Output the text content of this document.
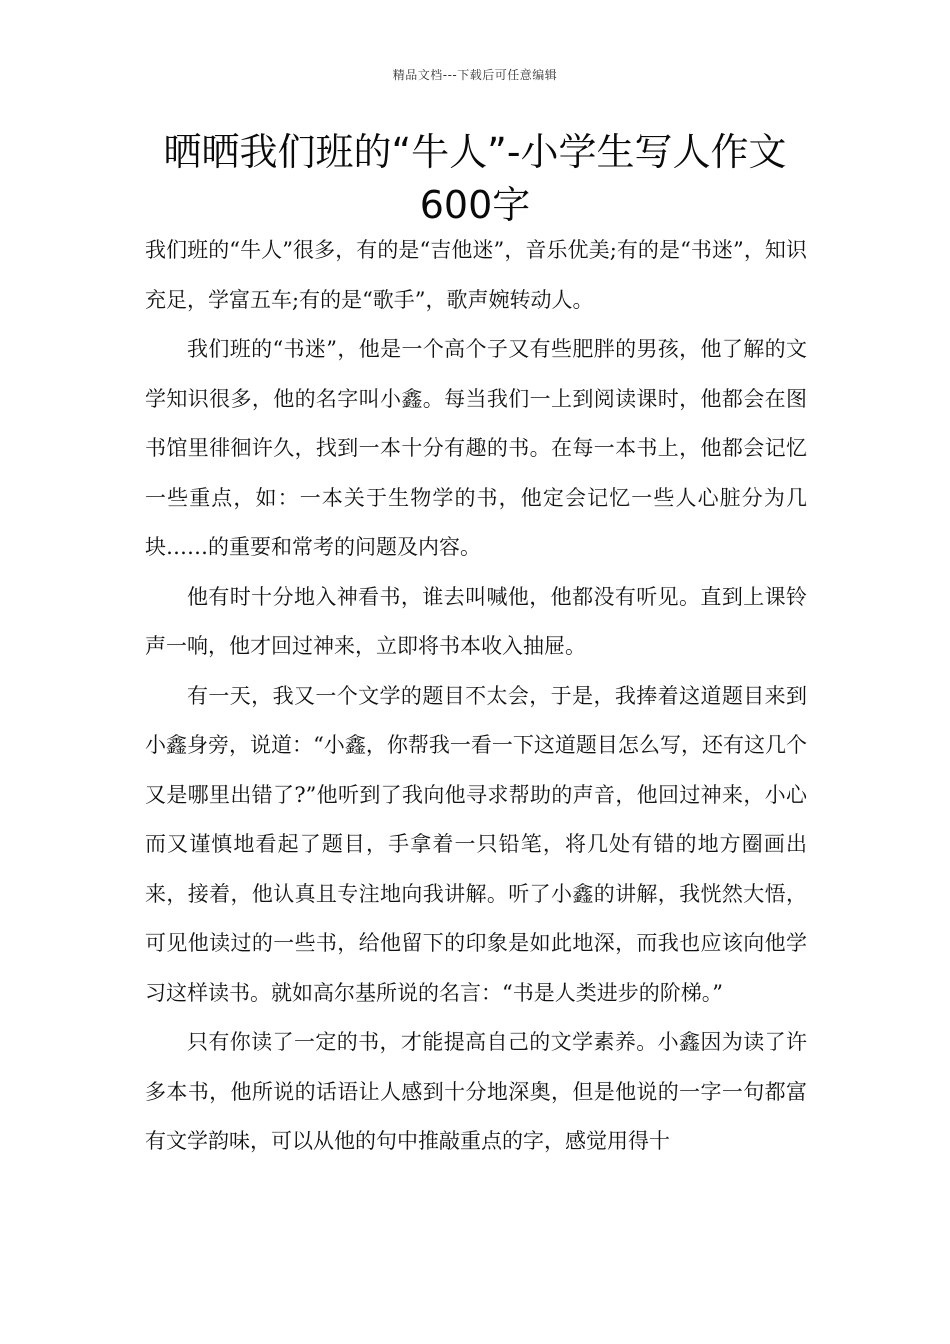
精品文档---下载后可任意编辑
晒晒我们班的“牛人”-小学生写人作文600字

我们班的“牛人”很多，有的是“吉他迷”，音乐优美;有的是“书迷”，知识充足，学富五车;有的是“歌手”，歌声婉转动人。

我们班的“书迷”，他是一个高个子又有些肥胖的男孩，他了解的文学知识很多，他的名字叫小鑫。每当我们一上到阅读课时，他都会在图书馆里徘徊许久，找到一本十分有趣的书。在每一本书上，他都会记忆一些重点，如：一本关于生物学的书，他定会记忆一些人心脏分为几块……的重要和常考的问题及内容。

他有时十分地入神看书，谁去叫喊他，他都没有听见。直到上课铃声一响，他才回过神来，立即将书本收入抽屉。

有一天，我又一个文学的题目不太会，于是，我捧着这道题目来到小鑫身旁，说道：“小鑫，你帮我一看一下这道题目怎么写，还有这几个又是哪里出错了?”他听到了我向他寻求帮助的声音，他回过神来，小心而又谨慎地看起了题目，手拿着一只铅笔，将几处有错的地方圈画出来，接着，他认真且专注地向我讲解。听了小鑫的讲解，我恍然大悟，可见他读过的一些书，给他留下的印象是如此地深，而我也应该向他学习这样读书。就如高尔基所说的名言：“书是人类进步的阶梯。”

只有你读了一定的书，才能提高自己的文学素养。小鑫因为读了许多本书，他所说的话语让人感到十分地深奥，但是他说的一字一句都富有文学韵味，可以从他的句中推敲重点的字，感觉用得十
